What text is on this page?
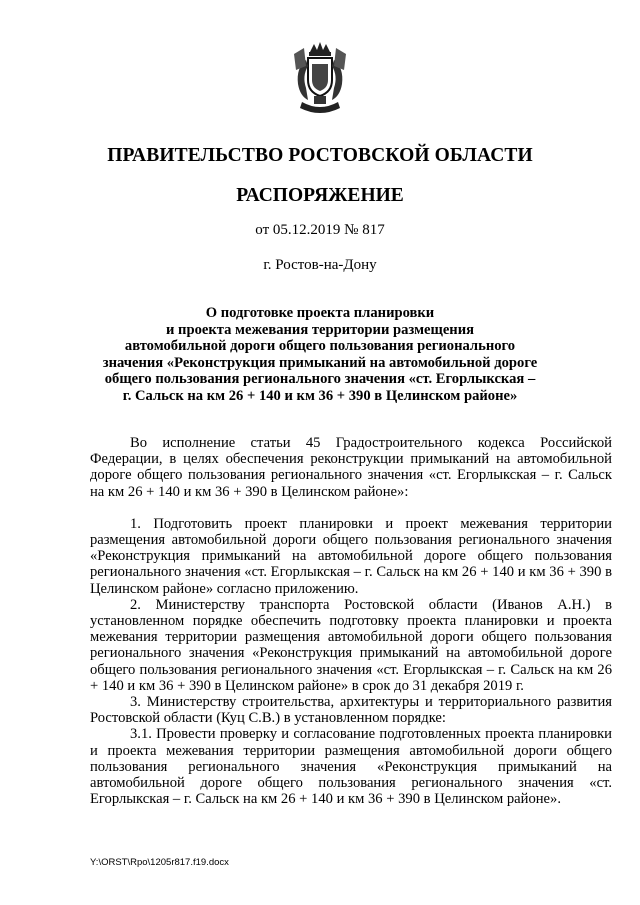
ПРАВИТЕЛЬСТВО РОСТОВСКОЙ ОБЛАСТИ
РАСПОРЯЖЕНИЕ
от 05.12.2019 № 817
г. Ростов-на-Дону
О подготовке проекта планировки
и проекта межевания территории размещения
автомобильной дороги общего пользования регионального
значения «Реконструкция примыканий на автомобильной дороге
общего пользования регионального значения «ст. Егорлыкская –
г. Сальск на км 26 + 140 и км 36 + 390 в Целинском районе»

Во исполнение статьи 45 Градостроительного кодекса Российской Федерации, в целях обеспечения реконструкции примыканий на автомобильной дороге общего пользования регионального значения «ст. Егорлыкская – г. Сальск на км 26 + 140 и км 36 + 390 в Целинском районе»:

1. Подготовить проект планировки и проект межевания территории размещения автомобильной дороги общего пользования регионального значения «Реконструкция примыканий на автомобильной дороге общего пользования регионального значения «ст. Егорлыкская – г. Сальск на км 26 + 140 и км 36 + 390 в Целинском районе» согласно приложению.

2. Министерству транспорта Ростовской области (Иванов А.Н.) в установленном порядке обеспечить подготовку проекта планировки и проекта межевания территории размещения автомобильной дороги общего пользования регионального значения «Реконструкция примыканий на автомобильной дороге общего пользования регионального значения «ст. Егорлыкская – г. Сальск на км 26 + 140 и км 36 + 390 в Целинском районе» в срок до 31 декабря 2019 г.

3. Министерству строительства, архитектуры и территориального развития Ростовской области (Куц С.В.) в установленном порядке:

3.1. Провести проверку и согласование подготовленных проекта планировки и проекта межевания территории размещения автомобильной дороги общего пользования регионального значения «Реконструкция примыканий на автомобильной дороге общего пользования регионального значения «ст. Егорлыкская – г. Сальск на км 26 + 140 и км 36 + 390 в Целинском районе».

Y:\ORST\Rpo\1205r817.f19.docx
